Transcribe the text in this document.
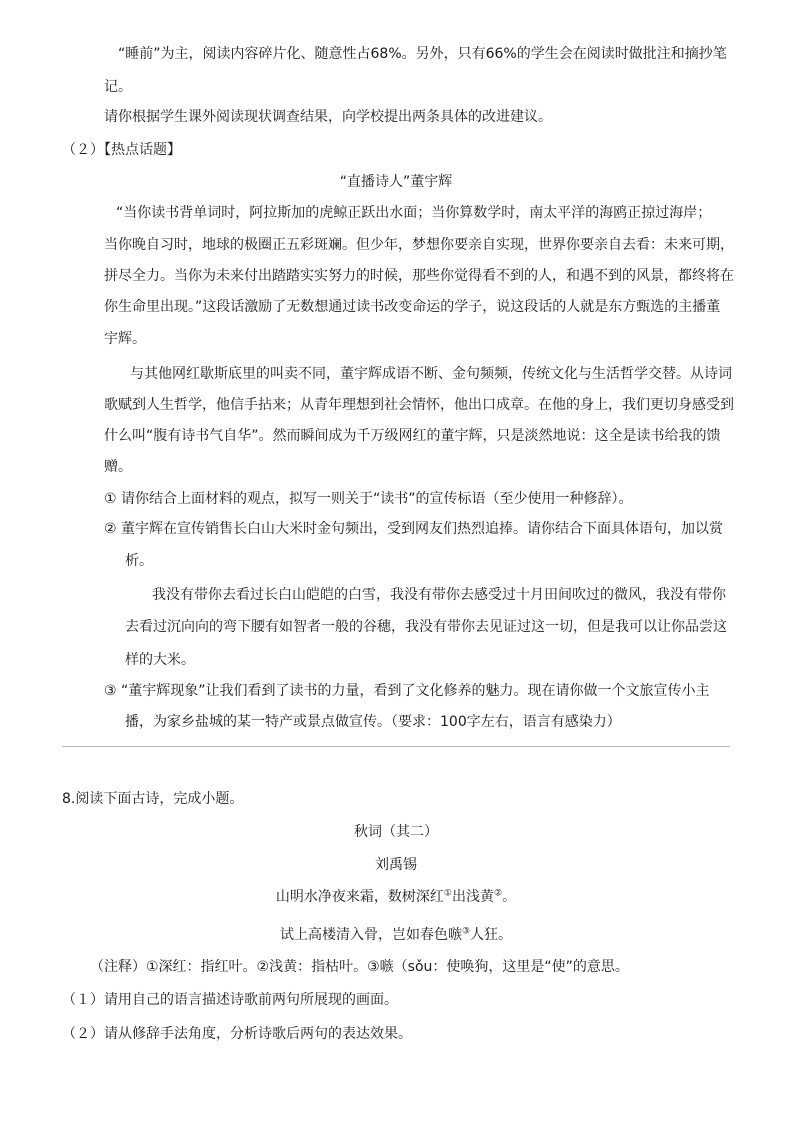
“睡前”为主，阅读内容碎片化、随意性占68%。另外，只有66%的学生会在阅读时做批注和摘抄笔
记。
请你根据学生课外阅读现状调查结果，向学校提出两条具体的改进建议。
（２）【热点话题】
“直播诗人”董宇辉
“当你读书背单词时，阿拉斯加的虎鲸正跃出水面；当你算数学时，南太平洋的海鸥正掠过海岸；
当你晚自习时，地球的极圈正五彩斑斓。但少年，梦想你要亲自实现，世界你要亲自去看：未来可期，
拼尽全力。当你为未来付出踏踏实实努力的时候，那些你觉得看不到的人，和遇不到的风景，都终将在
你生命里出现。”这段话激励了无数想通过读书改变命运的学子，说这段话的人就是东方甄选的主播董
宇辉。
与其他网红歇斯底里的叫卖不同，董宇辉成语不断、金句频频，传统文化与生活哲学交替。从诗词
歌赋到人生哲学，他信手拈来；从青年理想到社会情怀，他出口成章。在他的身上，我们更切身感受到
什么叫“腹有诗书气自华”。然而瞬间成为千万级网红的董宇辉，只是淡然地说：这全是读书给我的馈
赠。
① 请你结合上面材料的观点，拟写一则关于“读书”的宣传标语（至少使用一种修辞）。
② 董宇辉在宣传销售长白山大米时金句频出，受到网友们热烈追捧。请你结合下面具体语句，加以赏
析。
我没有带你去看过长白山皑皑的白雪，我没有带你去感受过十月田间吹过的微风，我没有带你
去看过沉向向的弯下腰有如智者一般的谷穗，我没有带你去见证过这一切，但是我可以让你品尝这
样的大米。
③ “董宇辉现象”让我们看到了读书的力量，看到了文化修养的魅力。现在请你做一个文旅宣传小主
播，为家乡盐城的某一特产或景点做宣传。（要求：100字左右，语言有感染力）
8.阅读下面古诗，完成小题。
秋词（其二）
刘禹锡
山明水净夜来霜，数树深红①出浅黄②。
试上高楼清入骨，岂如春色嗾③人狂。
（注释）①深红：指红叶。②浅黄：指枯叶。③嗾（sǒu：使唤狗，这里是“使”的意思。
（１）请用自己的语言描述诗歌前两句所展现的画面。
（２）请从修辞手法角度，分析诗歌后两句的表达效果。
